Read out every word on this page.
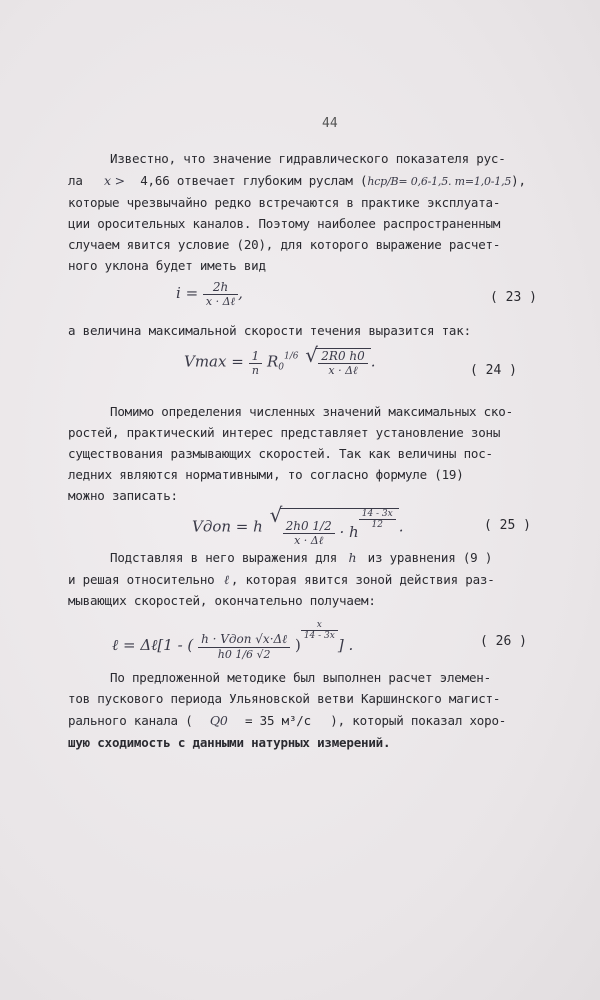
44
Известно, что значение гидравлического показателя рус-
ла x > 4,66 отвечает глубоким руслам (hср/B= 0,6-1,5. m=1,0-1,5),
которые чрезвычайно редко встречаются в практике эксплуата-
ции оросительных каналов. Поэтому наиболее распространенным
случаем явится условие (20), для которого выражение расчет-
ного уклона будет иметь вид
$i = \frac{2h}{\text{x · Δℓ}}$ ,	( 23 )
а величина максимальной скорости течения выразится так:
$Vmax = \frac{1}{n} R_0^{1/6}$ √ $\frac{2R0 h0}{\text{x · Δℓ}}$ .	( 24 )
Помимо определения численных значений максимальных ско-
ростей, практический интерес представляет установление зоны
существования размывающих скоростей. Так как величины пос-
ледних являются нормативными, то согласно формуле (19)
можно записать:
Vдоп = h √ $\frac{2h0 1/2}{\text{x · Δℓ}} \cdot h$
$\frac{14 - 3x}{12}$ .	( 25 )
Подставляя в него выражения для h из уравнения (9 )
и решая относительно ℓ , которая явится зоной действия раз-
мывающих скоростей, окончательно получаем:
ℓ = Δℓ[1 - ( $\frac{\text{h · Vдоп √x·Δℓ}}{h0 1/6 √2}$ )
$\frac{x}{14 - 3x}$
] .	( 26 )
По предложенной методике был выполнен расчет элемен-
тов пускового периода Ульяновской ветви Каршинского магист-
рального канала ( Q0 = 35 м³/с ), который показал хоро-
шую сходимость с данными натурных измерений.
